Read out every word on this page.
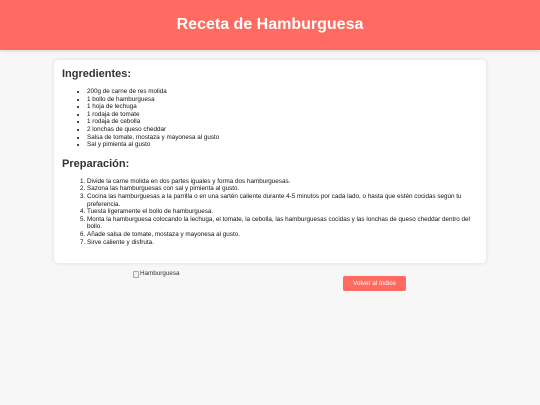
Receta de Hamburguesa
Ingredientes:
• 200g de carne de res molida
• 1 bollo de hamburguesa
• 1 hoja de lechuga
• 1 rodaja de tomate
• 1 rodaja de cebolla
• 2 lonchas de queso cheddar
• Salsa de tomate, mostaza y mayonesa al gusto
• Sal y pimienta al gusto
Preparación:
1. Divide la carne molida en dos partes iguales y forma dos hamburguesas.
2. Sazona las hamburguesas con sal y pimienta al gusto.
3. Cocina las hamburguesas a la parrilla o en una sartén caliente durante 4-5 minutos por cada lado, o hasta que estén cocidas según tu preferencia.
4. Tuesta ligeramente el bollo de hamburguesa.
5. Monta la hamburguesa colocando la lechuga, el tomate, la cebolla, las hamburguesas cocidas y las lonchas de queso cheddar dentro del bollo.
6. Añade salsa de tomate, mostaza y mayonesa al gusto.
7. Sirve caliente y disfruta.
Hamburguesa
Volver al índice
